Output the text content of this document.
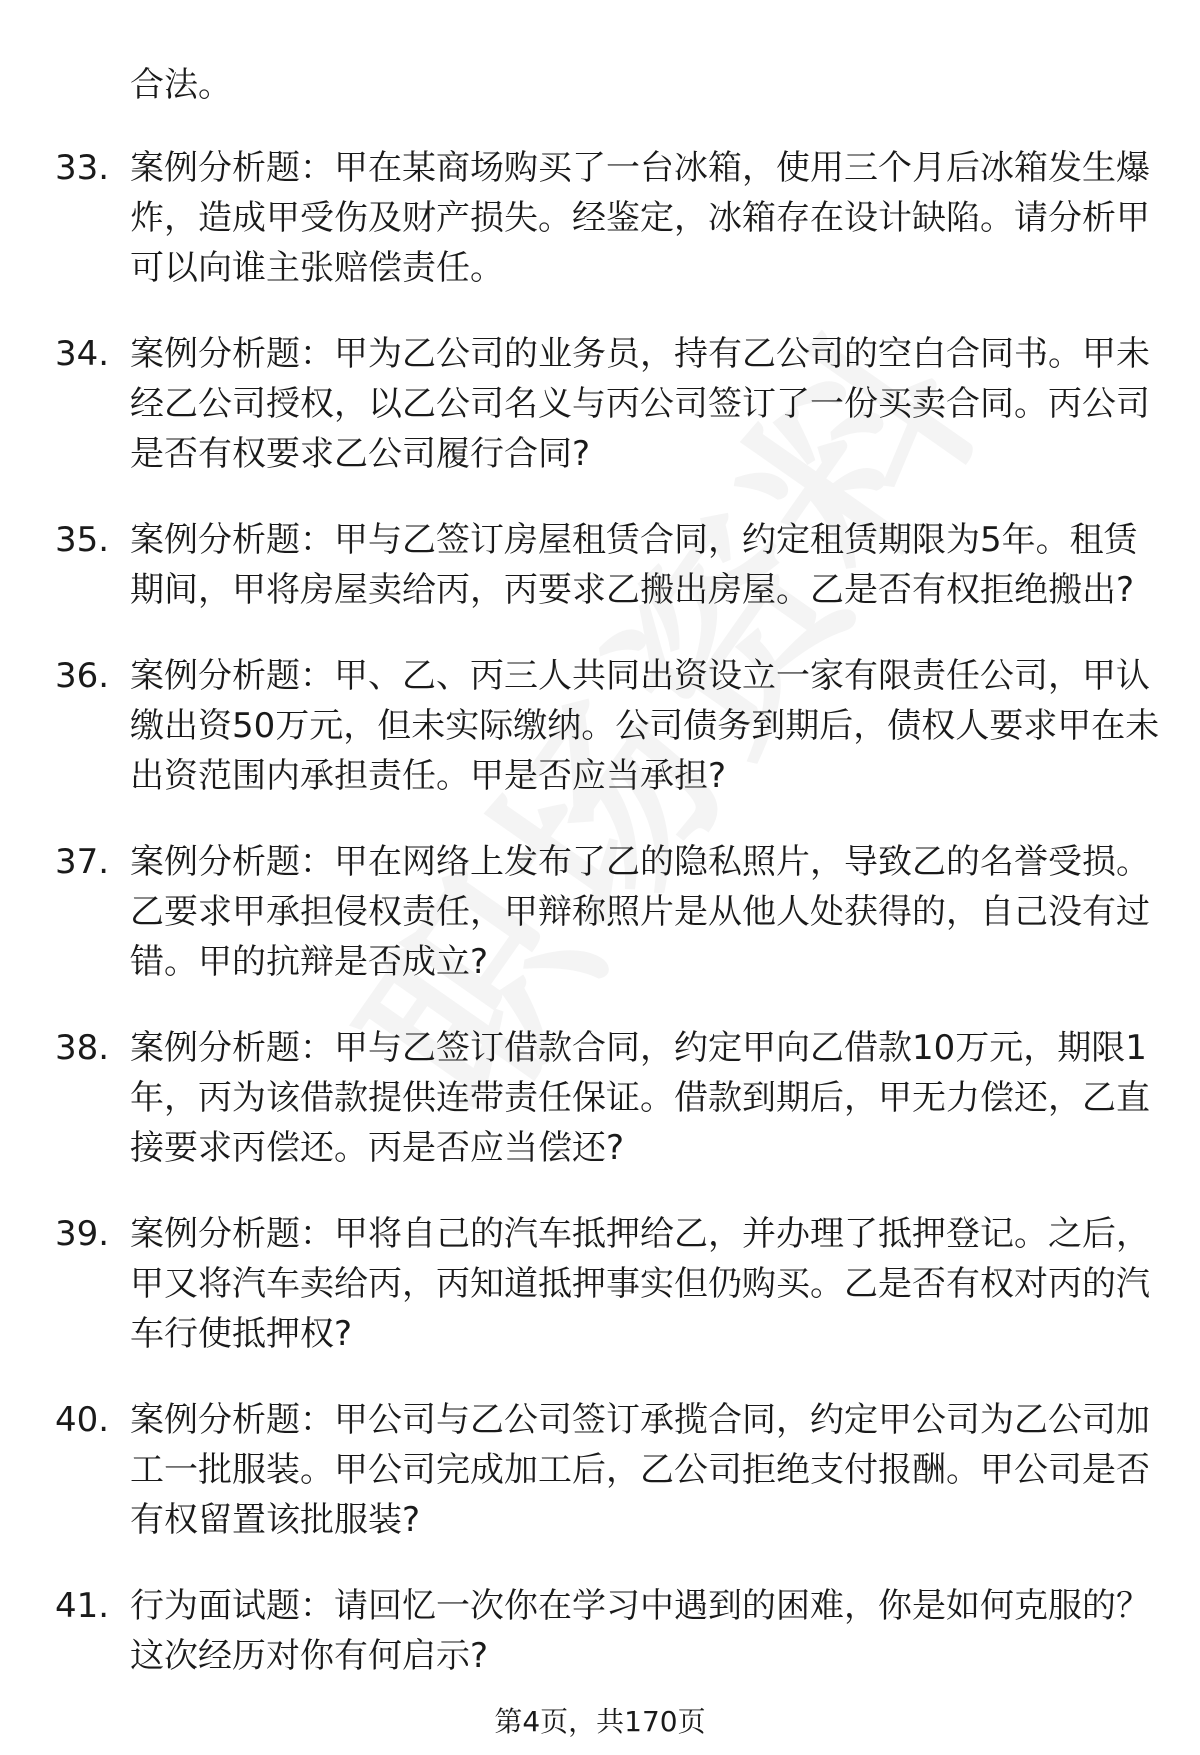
合法。
33. 案例分析题：甲在某商场购买了一台冰箱，使用三个月后冰箱发生爆炸，造成甲受伤及财产损失。经鉴定，冰箱存在设计缺陷。请分析甲可以向谁主张赔偿责任。
34. 案例分析题：甲为乙公司的业务员，持有乙公司的空白合同书。甲未经乙公司授权，以乙公司名义与丙公司签订了一份买卖合同。丙公司是否有权要求乙公司履行合同?
35. 案例分析题：甲与乙签订房屋租赁合同，约定租赁期限为5年。租赁期间，甲将房屋卖给丙，丙要求乙搬出房屋。乙是否有权拒绝搬出?
36. 案例分析题：甲、乙、丙三人共同出资设立一家有限责任公司，甲认缴出资50万元，但未实际缴纳。公司债务到期后，债权人要求甲在未出资范围内承担责任。甲是否应当承担?
37. 案例分析题：甲在网络上发布了乙的隐私照片，导致乙的名誉受损。乙要求甲承担侵权责任，甲辩称照片是从他人处获得的，自己没有过错。甲的抗辩是否成立?
38. 案例分析题：甲与乙签订借款合同，约定甲向乙借款10万元，期限1年，丙为该借款提供连带责任保证。借款到期后，甲无力偿还，乙直接要求丙偿还。丙是否应当偿还?
39. 案例分析题：甲将自己的汽车抵押给乙，并办理了抵押登记。之后，甲又将汽车卖给丙，丙知道抵押事实但仍购买。乙是否有权对丙的汽车行使抵押权?
40. 案例分析题：甲公司与乙公司签订承揽合同，约定甲公司为乙公司加工一批服装。甲公司完成加工后，乙公司拒绝支付报酬。甲公司是否有权留置该批服装?
41. 行为面试题：请回忆一次你在学习中遇到的困难，你是如何克服的？这次经历对你有何启示?
第4页，共170页
